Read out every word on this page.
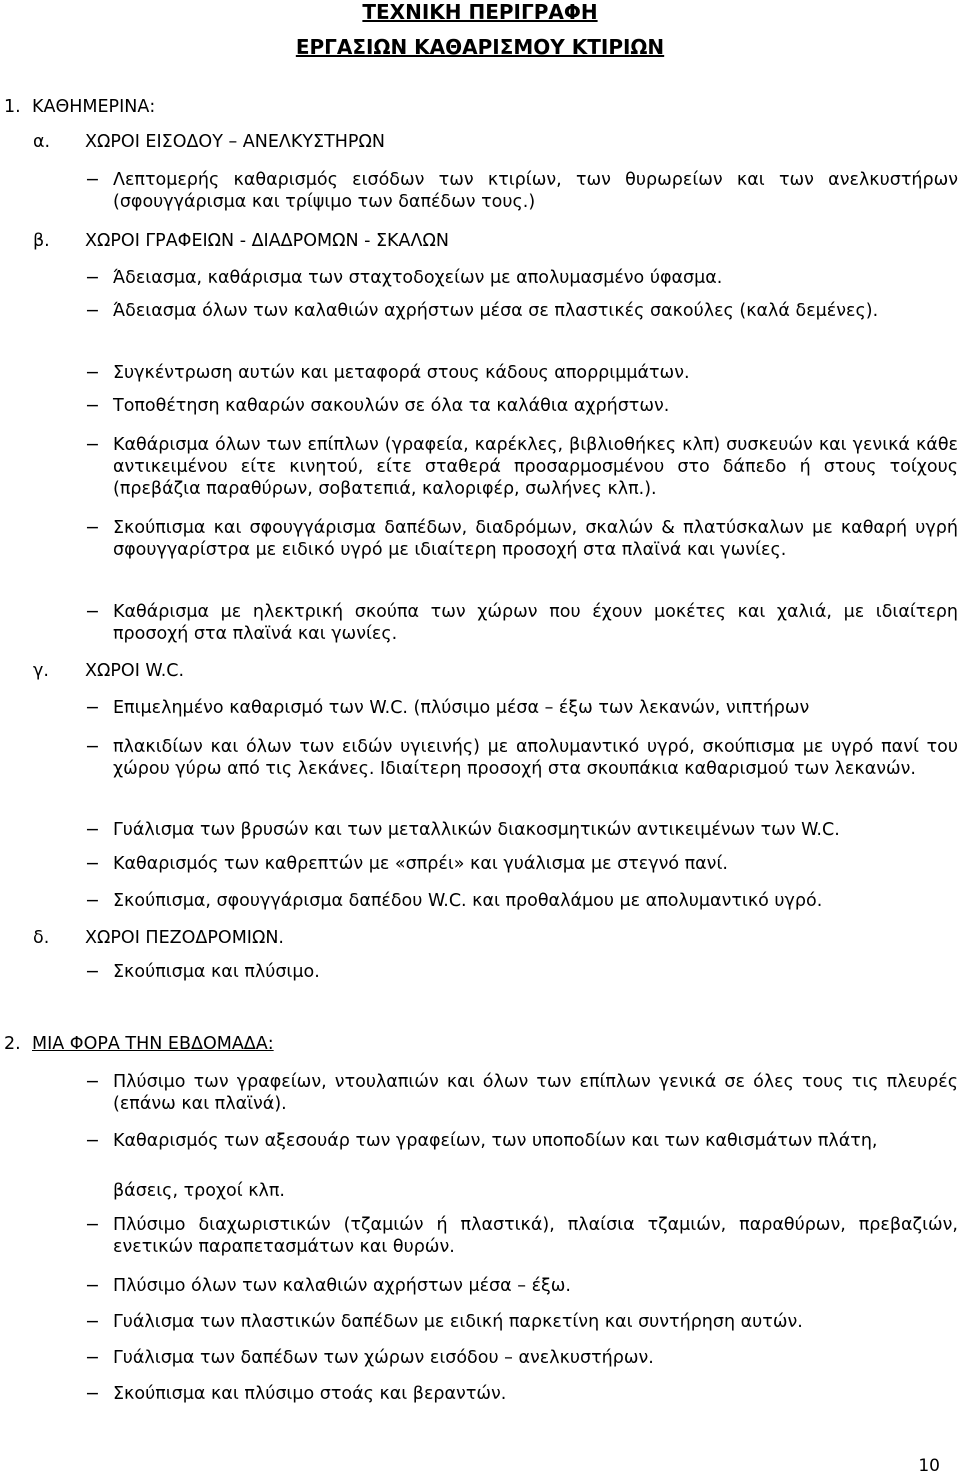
ΤΕΧΝΙΚΗ ΠΕΡΙΓΡΑΦΗ
ΕΡΓΑΣΙΩΝ ΚΑΘΑΡΙΣΜΟΥ ΚΤΙΡΙΩΝ
1. ΚΑΘΗΜΕΡΙΝΑ:
α. ΧΩΡΟΙ ΕΙΣΟΔΟΥ – ΑΝΕΛΚΥΣΤΗΡΩΝ
− Λεπτομερής καθαρισμός εισόδων των κτιρίων, των θυρωρείων και των ανελκυστήρων (σφουγγάρισμα και τρίψιμο των δαπέδων τους.)
β. ΧΩΡΟΙ ΓΡΑΦΕΙΩΝ - ΔΙΑΔΡΟΜΩΝ - ΣΚΑΛΩΝ
− Άδειασμα, καθάρισμα των σταχτοδοχείων με απολυμασμένο ύφασμα.
− Άδειασμα όλων των καλαθιών αχρήστων μέσα σε πλαστικές σακούλες (καλά δεμένες).
− Συγκέντρωση αυτών και μεταφορά στους κάδους απορριμμάτων.
− Τοποθέτηση καθαρών σακουλών σε όλα τα καλάθια αχρήστων.
− Καθάρισμα όλων των επίπλων (γραφεία, καρέκλες, βιβλιοθήκες κλπ) συσκευών και γενικά κάθε αντικειμένου είτε κινητού, είτε σταθερά προσαρμοσμένου στο δάπεδο ή στους τοίχους (πρεβάζια παραθύρων, σοβατεπιά, καλοριφέρ, σωλήνες κλπ.).
− Σκούπισμα και σφουγγάρισμα δαπέδων, διαδρόμων, σκαλών & πλατύσκαλων με καθαρή υγρή σφουγγαρίστρα με ειδικό υγρό με ιδιαίτερη προσοχή στα πλαϊνά και γωνίες.
− Καθάρισμα με ηλεκτρική σκούπα των χώρων που έχουν μοκέτες και χαλιά, με ιδιαίτερη προσοχή στα πλαϊνά και γωνίες.
γ. ΧΩΡΟΙ W.C.
− Επιμελημένο καθαρισμό των W.C. (πλύσιμο μέσα – έξω των λεκανών, νιπτήρων
− πλακιδίων και όλων των ειδών υγιεινής) με απολυμαντικό υγρό, σκούπισμα με υγρό πανί του χώρου γύρω από τις λεκάνες. Ιδιαίτερη προσοχή στα σκουπάκια καθαρισμού των λεκανών.
− Γυάλισμα των βρυσών και των μεταλλικών διακοσμητικών αντικειμένων των W.C.
− Καθαρισμός των καθρεπτών με «σπρέι» και γυάλισμα με στεγνό πανί.
− Σκούπισμα, σφουγγάρισμα δαπέδου W.C. και προθαλάμου με απολυμαντικό υγρό.
δ. ΧΩΡΟΙ ΠΕΖΟΔΡΟΜΙΩΝ.
− Σκούπισμα και πλύσιμο.
2. ΜΙΑ ΦΟΡΑ ΤΗΝ ΕΒΔΟΜΑΔΑ:
− Πλύσιμο των γραφείων, ντουλαπιών και όλων των επίπλων γενικά σε όλες τους τις πλευρές (επάνω και πλαϊνά).
− Καθαρισμός των αξεσουάρ των γραφείων, των υποποδίων και των καθισμάτων πλάτη,
βάσεις, τροχοί κλπ.
− Πλύσιμο διαχωριστικών (τζαμιών ή πλαστικά), πλαίσια τζαμιών, παραθύρων, πρεβαζιών, ενετικών παραπετασμάτων και θυρών.
− Πλύσιμο όλων των καλαθιών αχρήστων μέσα – έξω.
− Γυάλισμα των πλαστικών δαπέδων με ειδική παρκετίνη και συντήρηση αυτών.
− Γυάλισμα των δαπέδων των χώρων εισόδου – ανελκυστήρων.
− Σκούπισμα και πλύσιμο στοάς και βεραντών.
10
